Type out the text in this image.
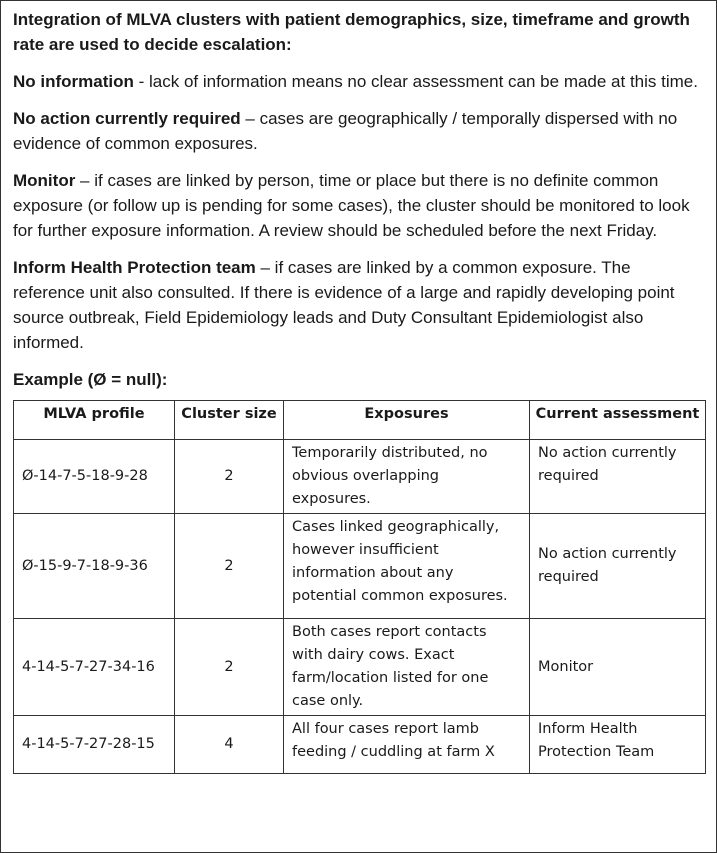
Integration of MLVA clusters with patient demographics, size, timeframe and growth rate are used to decide escalation:

No information - lack of information means no clear assessment can be made at this time.

No action currently required – cases are geographically / temporally dispersed with no evidence of common exposures.

Monitor – if cases are linked by person, time or place but there is no definite common exposure (or follow up is pending for some cases), the cluster should be monitored to look for further exposure information. A review should be scheduled before the next Friday.

Inform Health Protection team – if cases are linked by a common exposure. The reference unit also consulted. If there is evidence of a large and rapidly developing point source outbreak, Field Epidemiology leads and Duty Consultant Epidemiologist also informed.

Example (Ø = null):

MLVA profile	Cluster size	Exposures	Current assessment
Ø-14-7-5-18-9-28	2	Temporarily distributed, no obvious overlapping exposures.	No action currently required
Ø-15-9-7-18-9-36	2	Cases linked geographically, however insufficient information about any potential common exposures.	No action currently required
4-14-5-7-27-34-16	2	Both cases report contacts with dairy cows. Exact farm/location listed for one case only.	Monitor
4-14-5-7-27-28-15	4	All four cases report lamb feeding / cuddling at farm X	Inform Health Protection Team
